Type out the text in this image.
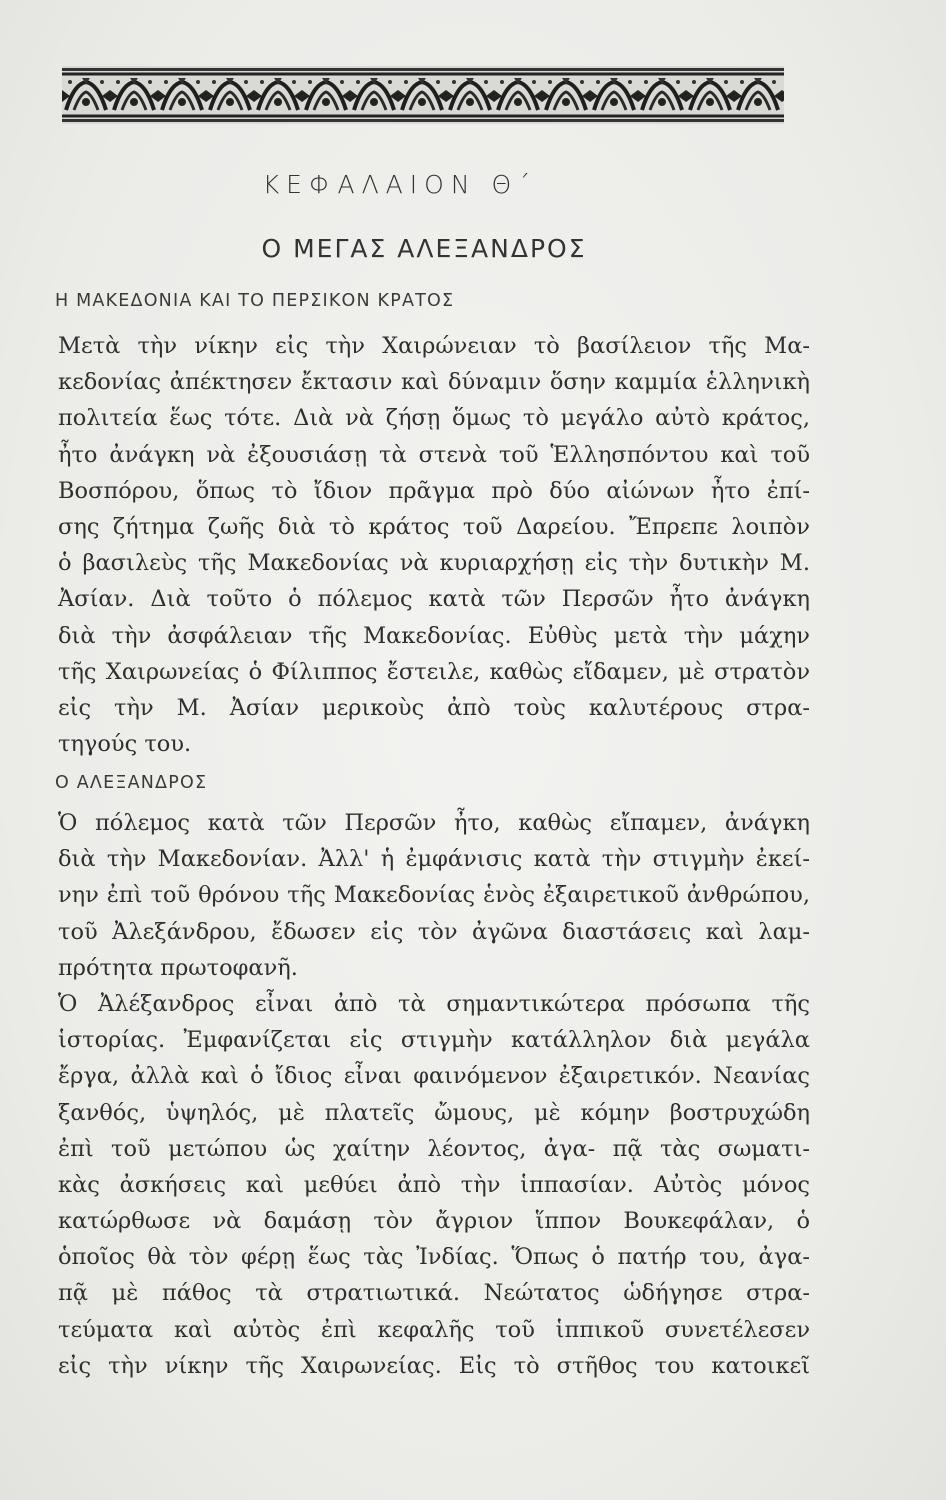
ΚΕΦΑΛΑΙΟΝ Θ΄
Ο ΜΕΓΑΣ ΑΛΕΞΑΝΔΡΟΣ
Η ΜΑΚΕΔΟΝΙΑ ΚΑΙ ΤΟ ΠΕΡΣΙΚΟΝ ΚΡΑΤΟΣ
Μετὰ τὴν νίκην εἰς τὴν Χαιρώνειαν τὸ βασίλειον τῆς Μα-
κεδονίας ἀπέκτησεν ἔκτασιν καὶ δύναμιν ὅσην καμμία ἑλληνικὴ
πολιτεία ἕως τότε. Διὰ νὰ ζήσῃ ὅμως τὸ μεγάλο αὐτὸ κράτος,
ἦτο ἀνάγκη νὰ ἐξουσιάσῃ τὰ στενὰ τοῦ Ἑλλησπόντου καὶ τοῦ
Βοσπόρου, ὅπως τὸ ἴδιον πρᾶγμα πρὸ δύο αἰώνων ἦτο ἐπί-
σης ζήτημα ζωῆς διὰ τὸ κράτος τοῦ Δαρείου. Ἔπρεπε λοιπὸν
ὁ βασιλεὺς τῆς Μακεδονίας νὰ κυριαρχήσῃ εἰς τὴν δυτικὴν Μ.
Ἀσίαν. Διὰ τοῦτο ὁ πόλεμος κατὰ τῶν Περσῶν ἦτο ἀνάγκη
διὰ τὴν ἀσφάλειαν τῆς Μακεδονίας. Εὐθὺς μετὰ τὴν μάχην
τῆς Χαιρωνείας ὁ Φίλιππος ἔστειλε, καθὼς εἴδαμεν, μὲ στρατὸν
εἰς τὴν Μ. Ἀσίαν μερικοὺς ἀπὸ τοὺς καλυτέρους στρα-
τηγούς του.
Ο ΑΛΕΞΑΝΔΡΟΣ
Ὁ πόλεμος κατὰ τῶν Περσῶν ἦτο, καθὼς εἴπαμεν, ἀνάγκη
διὰ τὴν Μακεδονίαν. Ἀλλ' ἡ ἐμφάνισις κατὰ τὴν στιγμὴν ἐκεί-
νην ἐπὶ τοῦ θρόνου τῆς Μακεδονίας ἑνὸς ἐξαιρετικοῦ ἀνθρώπου,
τοῦ Ἀλεξάνδρου, ἔδωσεν εἰς τὸν ἀγῶνα διαστάσεις καὶ λαμ-
πρότητα πρωτοφανῆ.
Ὁ Ἀλέξανδρος εἶναι ἀπὸ τὰ σημαντικώτερα πρόσωπα τῆς
ἱστορίας. Ἐμφανίζεται εἰς στιγμὴν κατάλληλον διὰ μεγάλα
ἔργα, ἀλλὰ καὶ ὁ ἴδιος εἶναι φαινόμενον ἐξαιρετικόν. Νεανίας
ξανθός, ὑψηλός, μὲ πλατεῖς ὤμους, μὲ κόμην βοστρυχώδη
ἐπὶ τοῦ μετώπου ὡς χαίτην λέοντος, ἀγα- πᾷ τὰς σωματι-
κὰς ἀσκήσεις καὶ μεθύει ἀπὸ τὴν ἱππασίαν. Αὐτὸς μόνος
κατώρθωσε νὰ δαμάσῃ τὸν ἄγριον ἵππον Βουκεφάλαν, ὁ
ὁποῖος θὰ τὸν φέρῃ ἕως τὰς Ἰνδίας. Ὅπως ὁ πατήρ του, ἀγα-
πᾷ μὲ πάθος τὰ στρατιωτικά. Νεώτατος ὡδήγησε στρα-
τεύματα καὶ αὐτὸς ἐπὶ κεφαλῆς τοῦ ἱππικοῦ συνετέλεσεν
εἰς τὴν νίκην τῆς Χαιρωνείας. Εἰς τὸ στῆθος του κατοικεῖ
